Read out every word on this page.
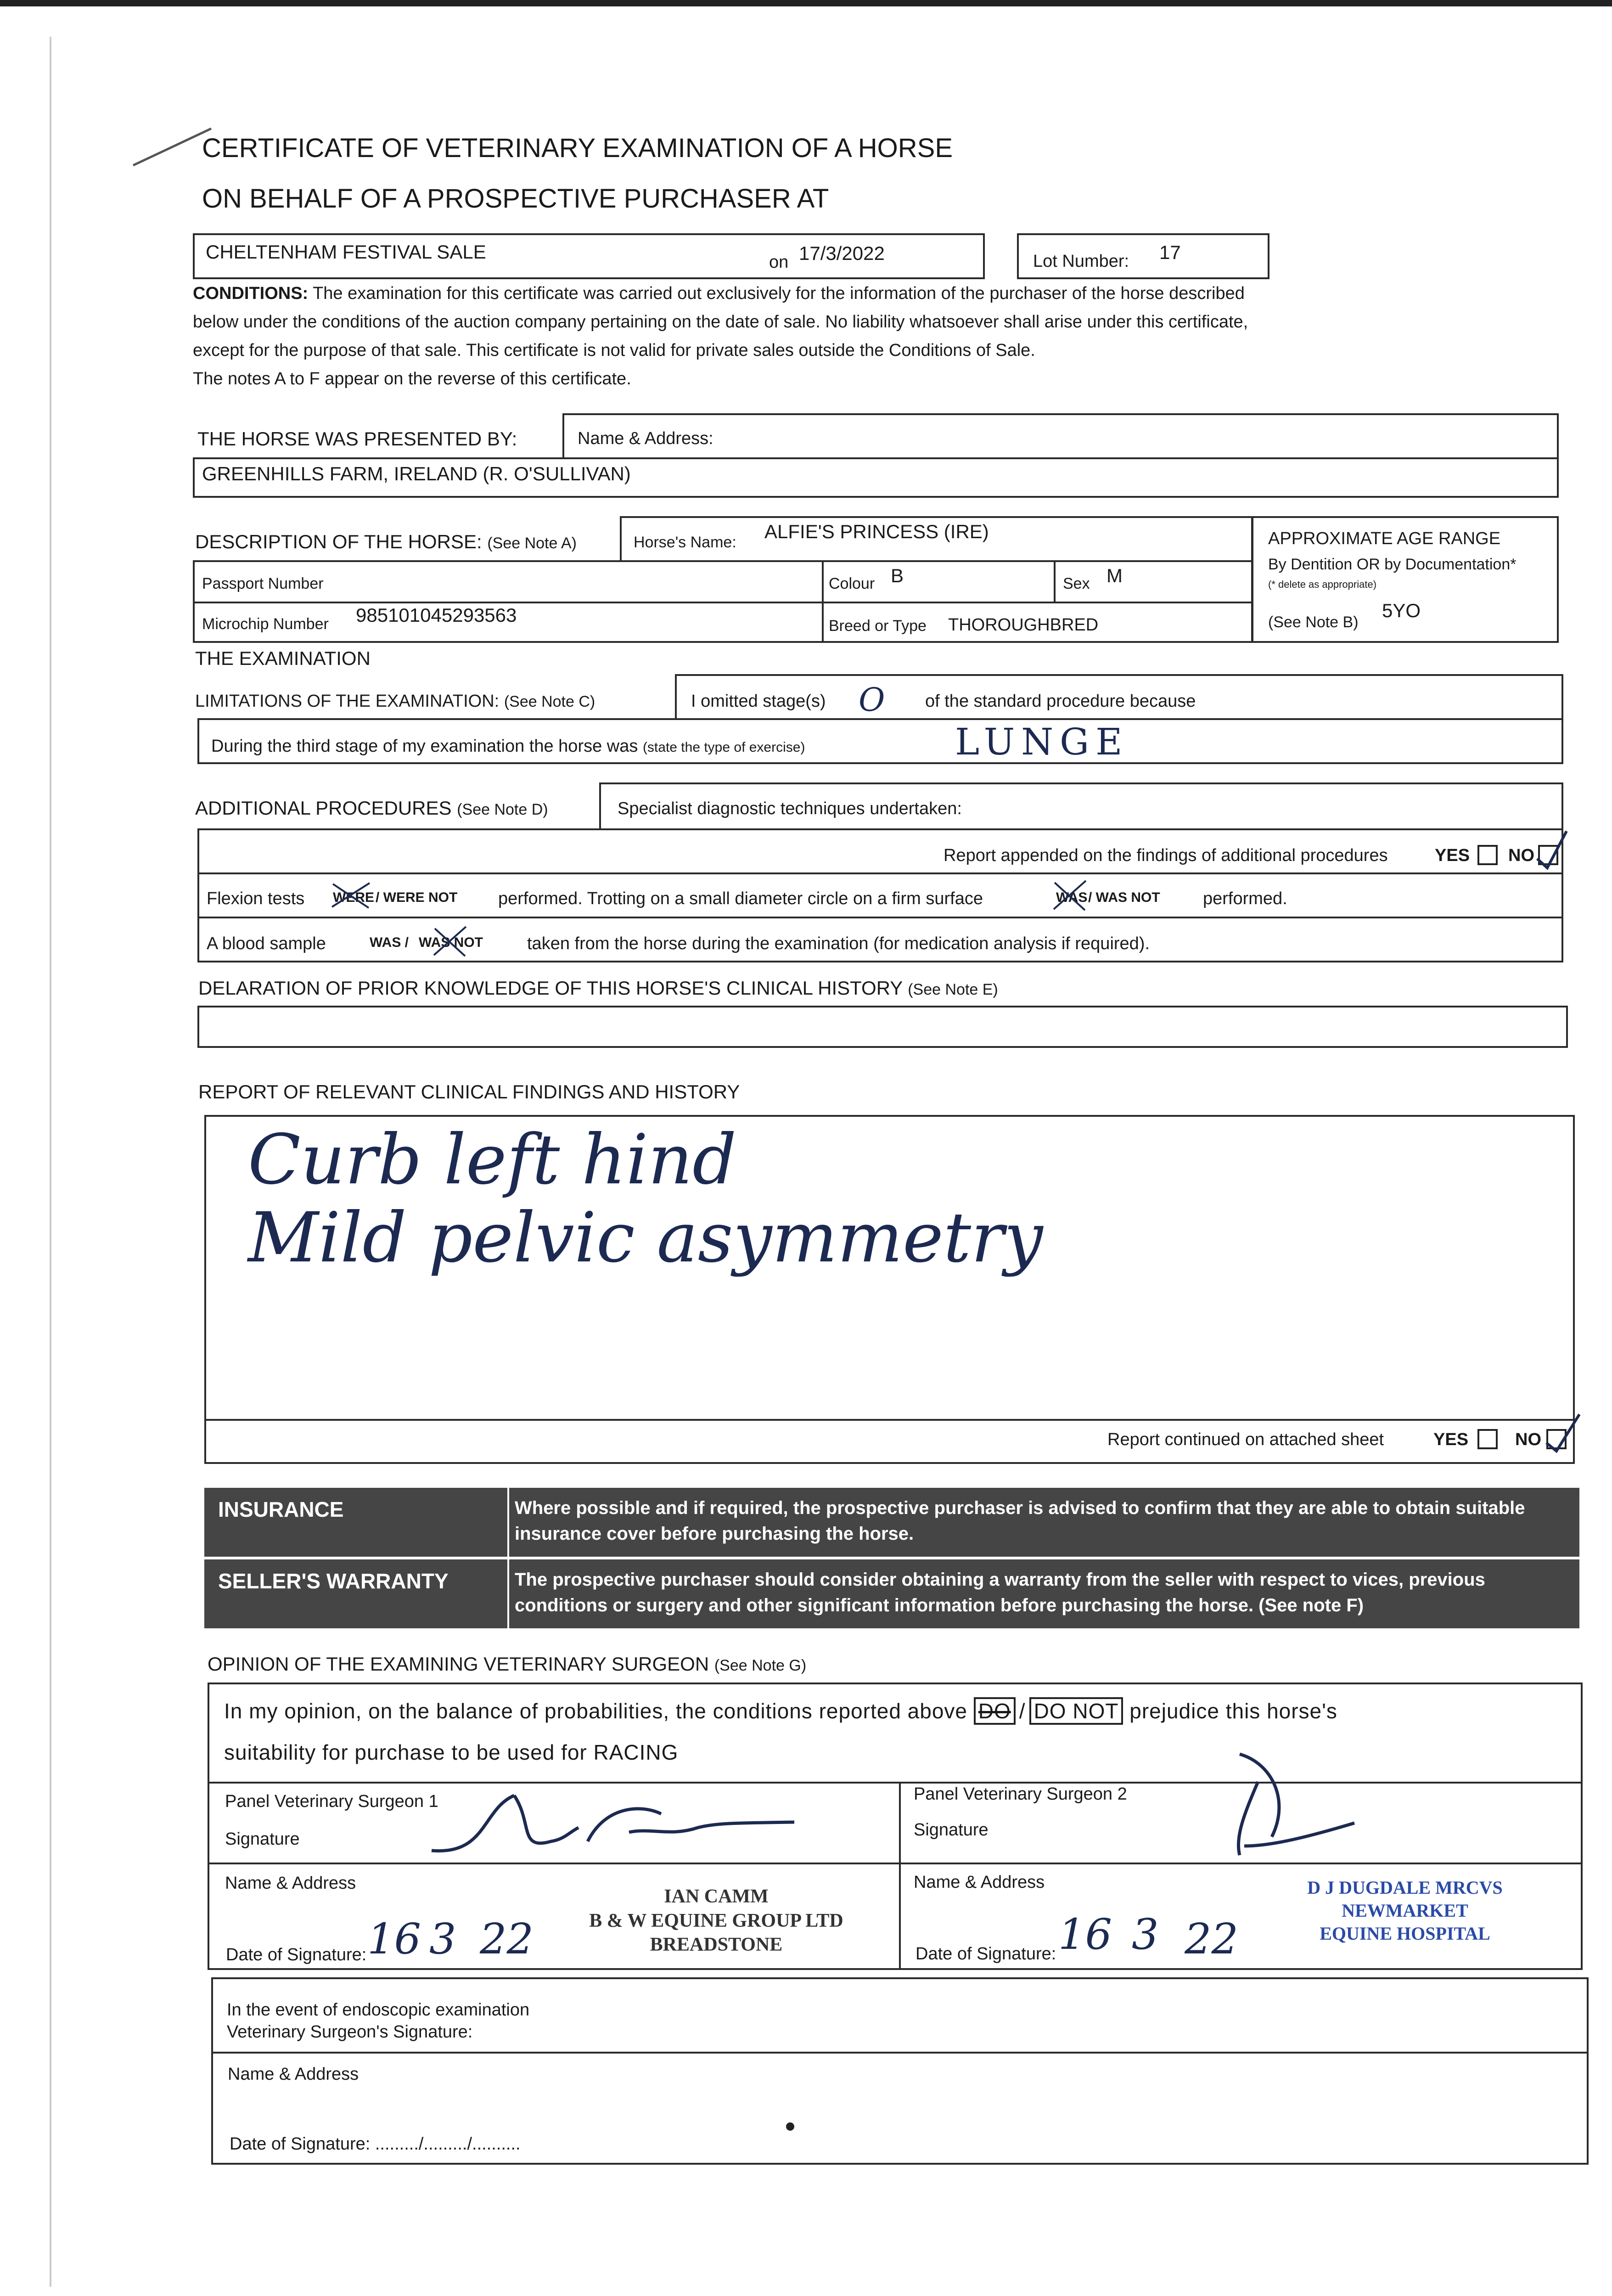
CERTIFICATE OF VETERINARY EXAMINATION OF A HORSE
ON BEHALF OF A PROSPECTIVE PURCHASER AT
CHELTENHAM FESTIVAL SALE	on 17/3/2022	Lot Number: 17
CONDITIONS: The examination for this certificate was carried out exclusively for the information of the purchaser of the horse described
below under the conditions of the auction company pertaining on the date of sale. No liability whatsoever shall arise under this certificate,
except for the purpose of that sale. This certificate is not valid for private sales outside the Conditions of Sale.
The notes A to F appear on the reverse of this certificate.
THE HORSE WAS PRESENTED BY:	Name & Address:
GREENHILLS FARM, IRELAND (R. O'SULLIVAN)
DESCRIPTION OF THE HORSE: (See Note A)	Horse's Name: ALFIE'S PRINCESS (IRE)
Passport Number	Colour B	Sex M
Microchip Number 985101045293563	Breed or Type THOROUGHBRED
APPROXIMATE AGE RANGE
By Dentition OR by Documentation*
(* delete as appropriate)
(See Note B)
5YO
THE EXAMINATION
LIMITATIONS OF THE EXAMINATION: (See Note C)	I omitted stage(s) O of the standard procedure because
During the third stage of my examination the horse was (state the type of exercise)	LUNGE
ADDITIONAL PROCEDURES (See Note D)	Specialist diagnostic techniques undertaken:
Report appended on the findings of additional procedures	YES NO
Flexion tests WERE / WERE NOT performed. Trotting on a small diameter circle on a firm surface	WAS / WAS NOT performed.
A blood sample	WAS / WAS NOT	taken from the horse during the examination (for medication analysis if required).
DELARATION OF PRIOR KNOWLEDGE OF THIS HORSE'S CLINICAL HISTORY (See Note E)
REPORT OF RELEVANT CLINICAL FINDINGS AND HISTORY
Curb left hind
Mild pelvic asymmetry
Report continued on attached sheet	YES	NO
INSURANCE	Where possible and if required, the prospective purchaser is advised to confirm that they are able to obtain suitable
insurance cover before purchasing the horse.
SELLER'S WARRANTY	The prospective purchaser should consider obtaining a warranty from the seller with respect to vices, previous
conditions or surgery and other significant information before purchasing the horse. (See note F)
OPINION OF THE EXAMINING VETERINARY SURGEON (See Note G)
In my opinion, on the balance of probabilities, the conditions reported above DO / DO NOT prejudice this horse's
suitability for purchase to be used for RACING
Panel Veterinary Surgeon 1
Signature
Name & Address
IAN CAMM
B & W EQUINE GROUP LTD
BREADSTONE
Date of Signature: 16 3 22
Panel Veterinary Surgeon 2
Signature
Name & Address	D J DUGDALE MRCVS
NEWMARKET
EQUINE HOSPITAL
Date of Signature: 16 3 22
In the event of endoscopic examination
Veterinary Surgeon's Signature:
Name & Address
Date of Signature: ........./........./..........
